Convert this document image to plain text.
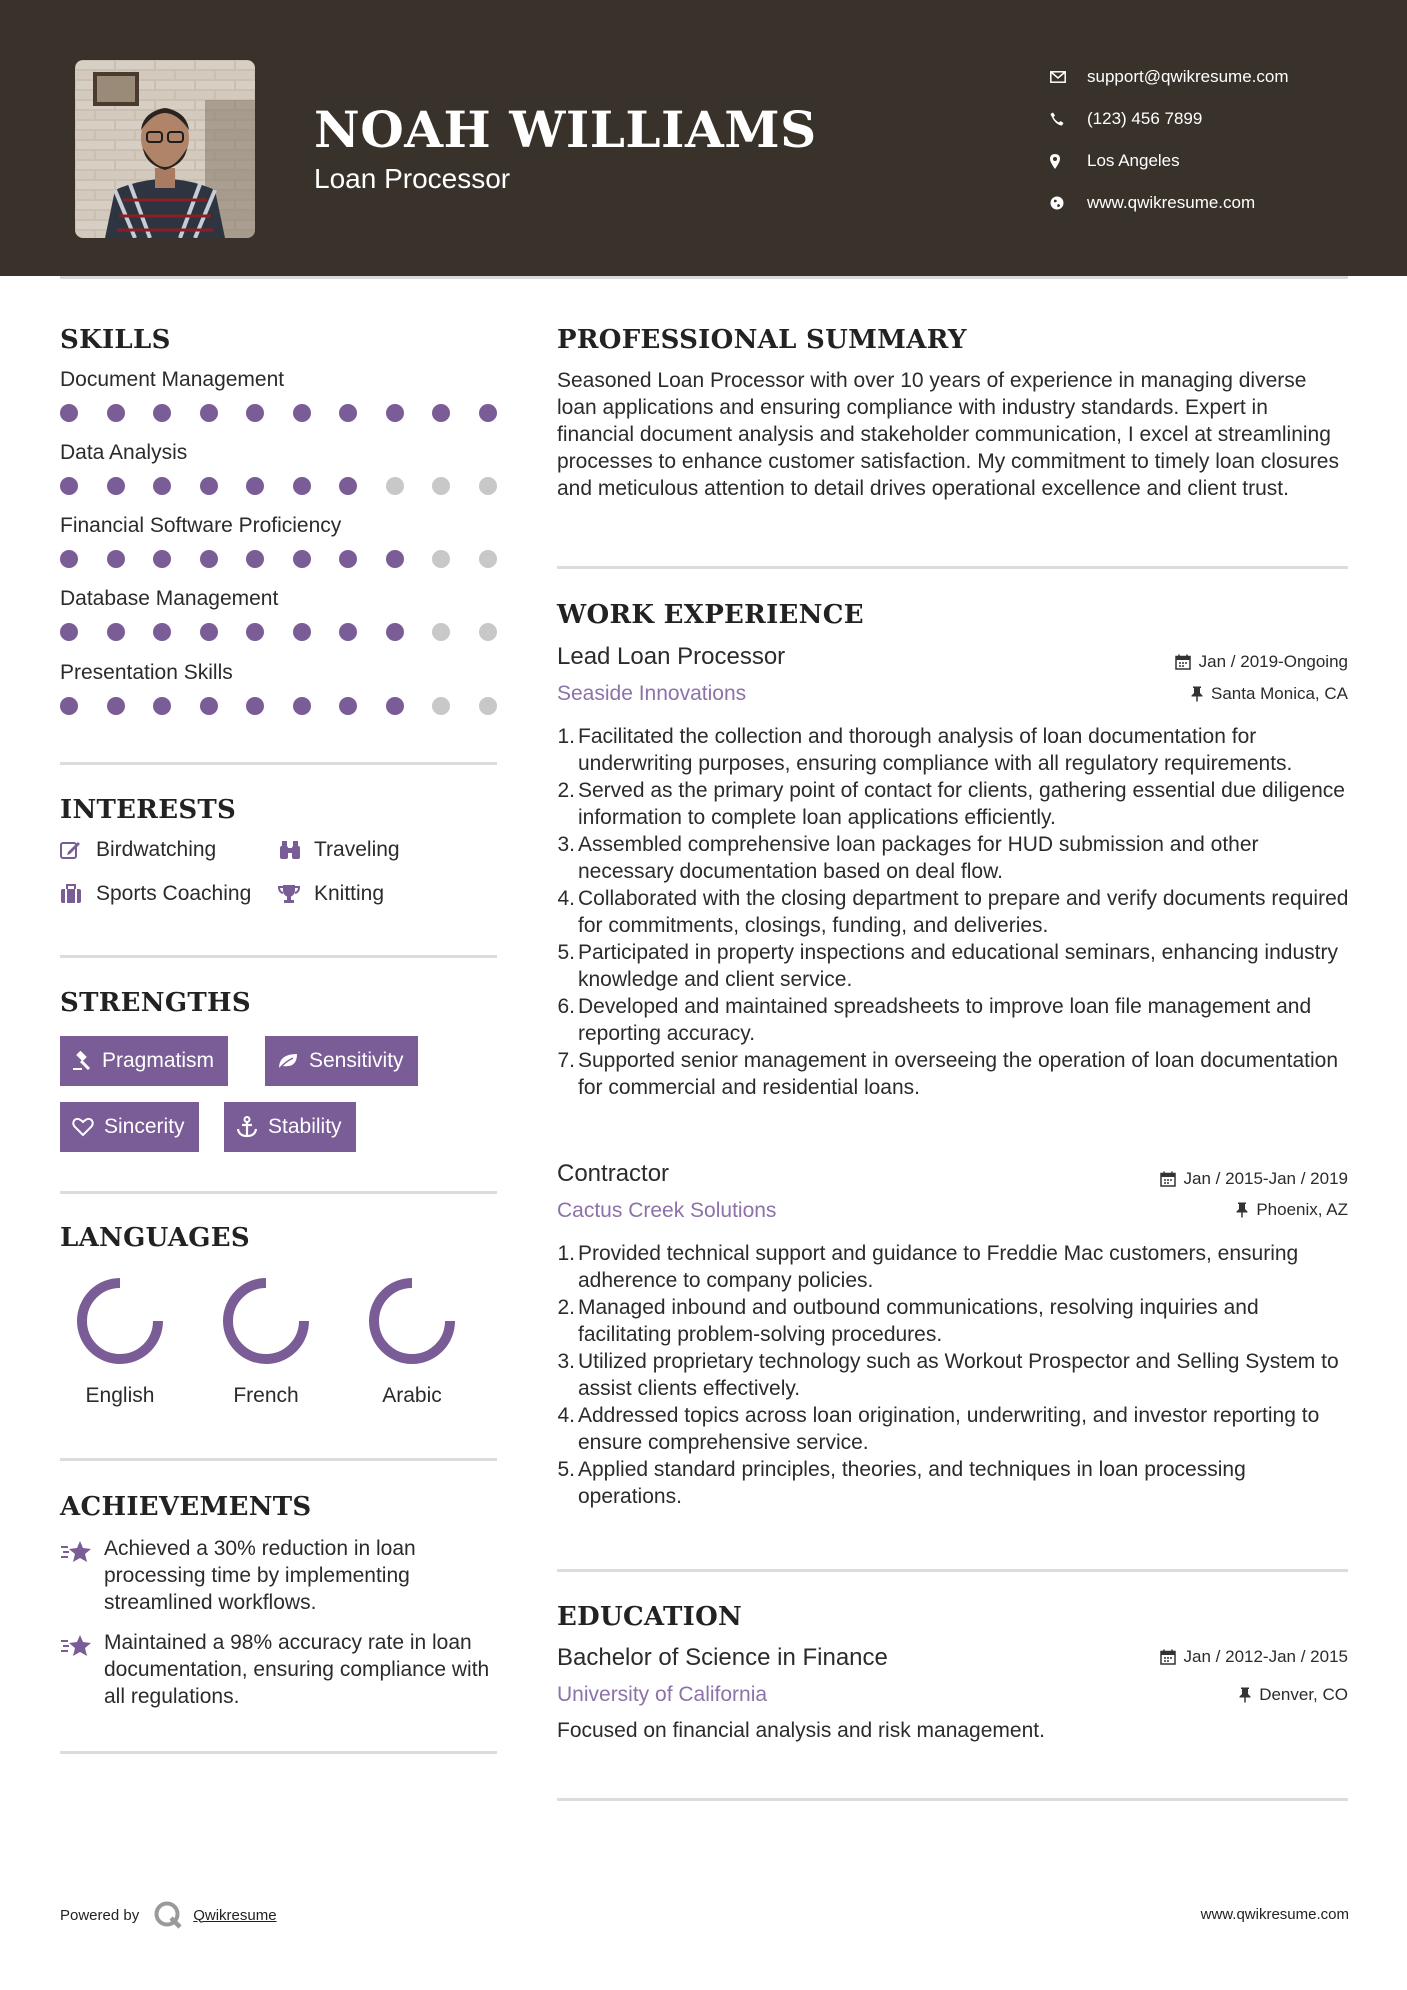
NOAH WILLIAMS
Loan Processor
support@qwikresume.com
(123) 456 7899
Los Angeles
www.qwikresume.com
SKILLS
Document Management
Data Analysis
Financial Software Proficiency
Database Management
Presentation Skills
INTERESTS
Birdwatching	Traveling
Sports Coaching	Knitting
STRENGTHS
Pragmatism	Sensitivity
Sincerity	Stability
LANGUAGES
English	French	Arabic
ACHIEVEMENTS
Achieved a 30% reduction in loan processing time by implementing streamlined workflows.
Maintained a 98% accuracy rate in loan documentation, ensuring compliance with all regulations.
PROFESSIONAL SUMMARY
Seasoned Loan Processor with over 10 years of experience in managing diverse loan applications and ensuring compliance with industry standards. Expert in financial document analysis and stakeholder communication, I excel at streamlining processes to enhance customer satisfaction. My commitment to timely loan closures and meticulous attention to detail drives operational excellence and client trust.
WORK EXPERIENCE
Lead Loan Processor	Jan / 2019-Ongoing
Seaside Innovations	Santa Monica, CA
1. Facilitated the collection and thorough analysis of loan documentation for underwriting purposes, ensuring compliance with all regulatory requirements.
2. Served as the primary point of contact for clients, gathering essential due diligence information to complete loan applications efficiently.
3. Assembled comprehensive loan packages for HUD submission and other necessary documentation based on deal flow.
4. Collaborated with the closing department to prepare and verify documents required for commitments, closings, funding, and deliveries.
5. Participated in property inspections and educational seminars, enhancing industry knowledge and client service.
6. Developed and maintained spreadsheets to improve loan file management and reporting accuracy.
7. Supported senior management in overseeing the operation of loan documentation for commercial and residential loans.
Contractor	Jan / 2015-Jan / 2019
Cactus Creek Solutions	Phoenix, AZ
1. Provided technical support and guidance to Freddie Mac customers, ensuring adherence to company policies.
2. Managed inbound and outbound communications, resolving inquiries and facilitating problem-solving procedures.
3. Utilized proprietary technology such as Workout Prospector and Selling System to assist clients effectively.
4. Addressed topics across loan origination, underwriting, and investor reporting to ensure comprehensive service.
5. Applied standard principles, theories, and techniques in loan processing operations.
EDUCATION
Bachelor of Science in Finance	Jan / 2012-Jan / 2015
University of California	Denver, CO
Focused on financial analysis and risk management.
Powered by	Qwikresume	www.qwikresume.com
